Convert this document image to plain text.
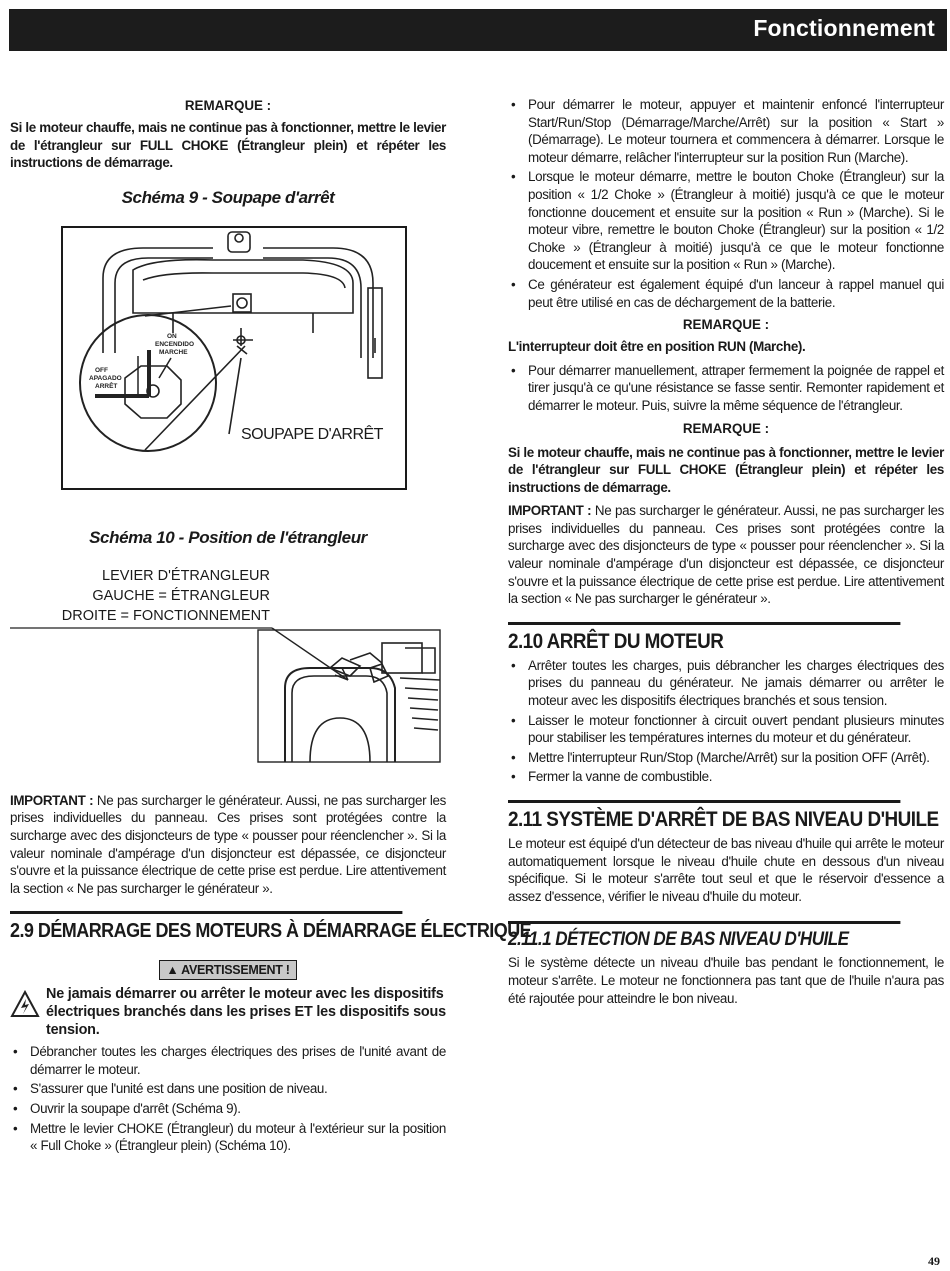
Fonctionnement

REMARQUE :

Si le moteur chauffe, mais ne continue pas à fonctionner, mettre le levier de l'étrangleur sur FULL CHOKE (Étrangleur plein) et répéter les instructions de démarrage.

Schéma 9 - Soupape d'arrêt
ON
ENCENDIDO
MARCHE
OFF
APAGADO
ARRÊT
SOUPAPE D'ARRÊT
Schéma 10 - Position de l'étrangleur
LEVIER D'ÉTRANGLEUR
GAUCHE = ÉTRANGLEUR
DROITE = FONCTIONNEMENT
IMPORTANT : Ne pas surcharger le générateur. Aussi, ne pas surcharger les prises individuelles du panneau. Ces prises sont protégées contre la surcharge avec des disjoncteurs de type « pousser pour réenclencher ». Si la valeur nominale d'ampérage d'un disjoncteur est dépassée, ce disjoncteur s'ouvre et la puissance électrique de cette prise est perdue. Lire attentivement la section « Ne pas surcharger le générateur ».
2.9 DÉMARRAGE DES MOTEURS À DÉMARRAGE ÉLECTRIQUE
▲ AVERTISSEMENT !
Ne jamais démarrer ou arrêter le moteur avec les dispositifs électriques branchés dans les prises ET les dispositifs sous tension.
• Débrancher toutes les charges électriques des prises de l'unité avant de démarrer le moteur.
• S'assurer que l'unité est dans une position de niveau.
• Ouvrir la soupape d'arrêt (Schéma 9).
• Mettre le levier CHOKE (Étrangleur) du moteur à l'extérieur sur la position « Full Choke » (Étrangleur plein) (Schéma 10).
• Pour démarrer le moteur, appuyer et maintenir enfoncé l'interrupteur Start/Run/Stop (Démarrage/Marche/Arrêt) sur la position « Start » (Démarrage). Le moteur tournera et commencera à démarrer. Lorsque le moteur démarre, relâcher l'interrupteur sur la position Run (Marche).
• Lorsque le moteur démarre, mettre le bouton Choke (Étrangleur) sur la position « 1/2 Choke » (Étrangleur à moitié) jusqu'à ce que le moteur fonctionne doucement et ensuite sur la position « Run » (Marche). Si le moteur vibre, remettre le bouton Choke (Étrangleur) sur la position « 1/2 Choke » (Étrangleur à moitié) jusqu'à ce que le moteur fonctionne doucement et ensuite sur la position « Run » (Marche).
• Ce générateur est également équipé d'un lanceur à rappel manuel qui peut être utilisé en cas de déchargement de la batterie.

REMARQUE :

L'interrupteur doit être en position RUN (Marche).

• Pour démarrer manuellement, attraper fermement la poignée de rappel et tirer jusqu'à ce qu'une résistance se fasse sentir. Remonter rapidement et démarrer le moteur. Puis, suivre la même séquence de l'étrangleur.

REMARQUE :

Si le moteur chauffe, mais ne continue pas à fonctionner, mettre le levier de l'étrangleur sur FULL CHOKE (Étrangleur plein) et répéter les instructions de démarrage.

IMPORTANT : Ne pas surcharger le générateur. Aussi, ne pas surcharger les prises individuelles du panneau. Ces prises sont protégées contre la surcharge avec des disjoncteurs de type « pousser pour réenclencher ». Si la valeur nominale d'ampérage d'un disjoncteur est dépassée, ce disjoncteur s'ouvre et la puissance électrique de cette prise est perdue. Lire attentivement la section « Ne pas surcharger le générateur ».
2.10 ARRÊT DU MOTEUR
• Arrêter toutes les charges, puis débrancher les charges électriques des prises du panneau du générateur. Ne jamais démarrer ou arrêter le moteur avec les dispositifs électriques branchés et sous tension.
• Laisser le moteur fonctionner à circuit ouvert pendant plusieurs minutes pour stabiliser les températures internes du moteur et du générateur.
• Mettre l'interrupteur Run/Stop (Marche/Arrêt) sur la position OFF (Arrêt).
• Fermer la vanne de combustible.
2.11 SYSTÈME D'ARRÊT DE BAS NIVEAU D'HUILE

Le moteur est équipé d'un détecteur de bas niveau d'huile qui arrête le moteur automatiquement lorsque le niveau d'huile chute en dessous d'un niveau spécifique. Si le moteur s'arrête tout seul et que le réservoir d'essence a assez d'essence, vérifier le niveau d'huile du moteur.

2.11.1 DÉTECTION DE BAS NIVEAU D'HUILE

Si le système détecte un niveau d'huile bas pendant le fonctionnement, le moteur s'arrête. Le moteur ne fonctionnera pas tant que de l'huile n'aura pas été rajoutée pour atteindre le bon niveau.

49
